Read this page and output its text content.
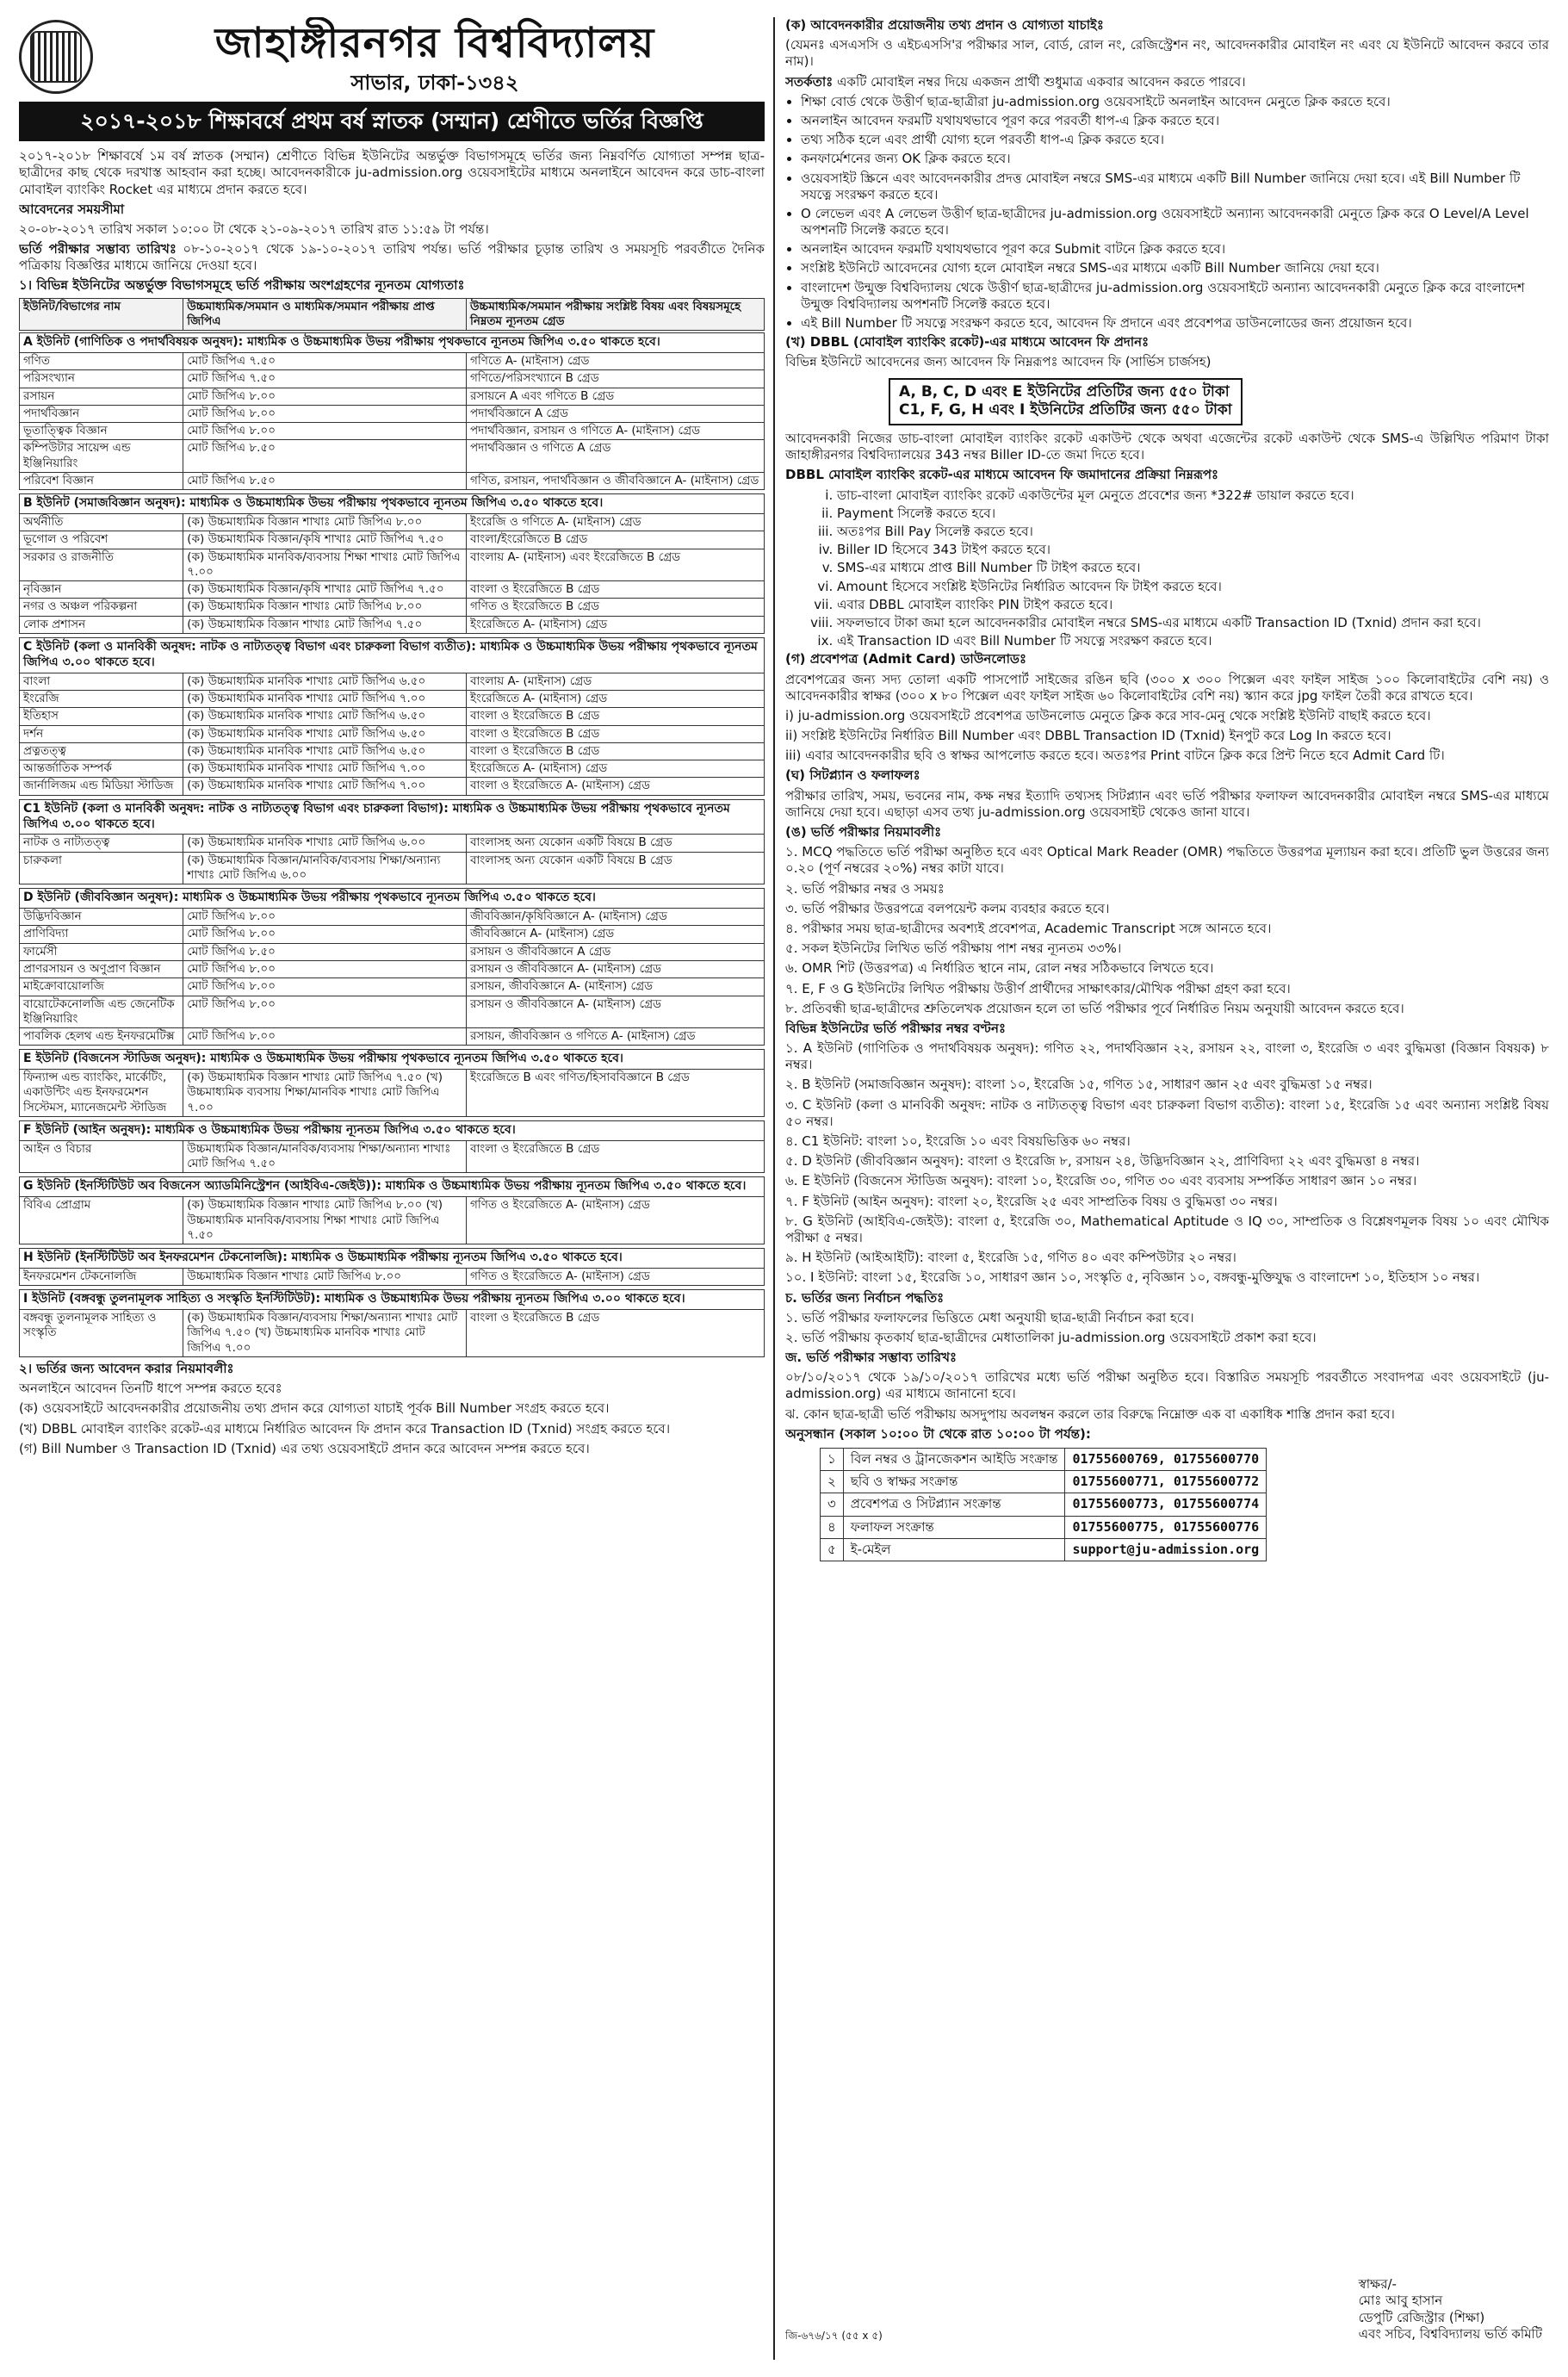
জাহাঙ্গীরনগর বিশ্ববিদ্যালয়
সাভার, ঢাকা-১৩৪২
২০১৭-২০১৮ শিক্ষাবর্ষে প্রথম বর্ষ স্নাতক (সম্মান) শ্রেণীতে ভর্তির বিজ্ঞপ্তি

২০১৭-২০১৮ শিক্ষাবর্ষে ১ম বর্ষ স্নাতক (সম্মান) শ্রেণীতে বিভিন্ন ইউনিটের অন্তর্ভুক্ত বিভাগসমূহে ভর্তির জন্য নিম্নবর্ণিত যোগ্যতা সম্পন্ন ছাত্র-ছাত্রীদের কাছ থেকে দরখাস্ত আহবান করা হচ্ছে। আবেদনকারীকে ju-admission.org ওয়েবসাইটের মাধ্যমে অনলাইনে আবেদন করে ডাচ-বাংলা মোবাইল ব্যাংকিং Rocket এর মাধ্যমে প্রদান করতে হবে।

আবেদনের সময়সীমা

২০-০৮-২০১৭ তারিখ সকাল ১০:০০ টা থেকে ২১-০৯-২০১৭ তারিখ রাত ১১:৫৯ টা পর্যন্ত।

ভর্তি পরীক্ষার সম্ভাব্য তারিখঃ ০৮-১০-২০১৭ থেকে ১৯-১০-২০১৭ তারিখ পর্যন্ত। ভর্তি পরীক্ষার চূড়ান্ত তারিখ ও সময়সূচি পরবর্তীতে দৈনিক পত্রিকায় বিজ্ঞপ্তির মাধ্যমে জানিয়ে দেওয়া হবে।

১। বিভিন্ন ইউনিটের অন্তর্ভুক্ত বিভাগসমূহে ভর্তি পরীক্ষায় অংশগ্রহণের ন্যূনতম যোগ্যতাঃ

ইউনিট/বিভাগের নাম	উচ্চমাধ্যমিক/সমমান ও মাধ্যমিক/সমমান পরীক্ষায় প্রাপ্ত জিপিএ	উচ্চমাধ্যমিক/সমমান পরীক্ষায় সংশ্লিষ্ট বিষয় এবং বিষয়সমূহে নিম্নতম ন্যূনতম গ্রেড
A ইউনিট (গাণিতিক ও পদার্থবিষয়ক অনুষদ): মাধ্যমিক ও উচ্চমাধ্যমিক উভয় পরীক্ষায় পৃথকভাবে ন্যূনতম জিপিএ ৩.৫০ থাকতে হবে।
গণিত	মোট জিপিএ ৭.৫০	গণিতে A- (মাইনাস) গ্রেড
পরিসংখ্যান	মোট জিপিএ ৭.৫০	গণিতে/পরিসংখ্যানে B গ্রেড
রসায়ন	মোট জিপিএ ৮.০০	রসায়নে A এবং গণিতে B গ্রেড
পদার্থবিজ্ঞান	মোট জিপিএ ৮.০০	পদার্থবিজ্ঞানে A গ্রেড
ভূতাত্ত্বিক বিজ্ঞান	মোট জিপিএ ৮.০০	পদার্থবিজ্ঞান, রসায়ন ও গণিতে A- (মাইনাস) গ্রেড
কম্পিউটার সায়েন্স এন্ড ইঞ্জিনিয়ারিং	মোট জিপিএ ৮.৫০	পদার্থবিজ্ঞান ও গণিতে A গ্রেড
পরিবেশ বিজ্ঞান	মোট জিপিএ ৮.৫০	গণিত, রসায়ন, পদার্থবিজ্ঞান ও জীববিজ্ঞানে A- (মাইনাস) গ্রেড
B ইউনিট (সমাজবিজ্ঞান অনুষদ): মাধ্যমিক ও উচ্চমাধ্যমিক উভয় পরীক্ষায় পৃথকভাবে ন্যূনতম জিপিএ ৩.৫০ থাকতে হবে।
অর্থনীতি	(ক) উচ্চমাধ্যমিক বিজ্ঞান শাখাঃ মোট জিপিএ ৮.০০	ইংরেজি ও গণিতে A- (মাইনাস) গ্রেড
ভূগোল ও পরিবেশ	(ক) উচ্চমাধ্যমিক বিজ্ঞান/কৃষি শাখাঃ মোট জিপিএ ৭.৫০	বাংলা/ইংরেজিতে B গ্রেড
সরকার ও রাজনীতি	(ক) উচ্চমাধ্যমিক মানবিক/ব্যবসায় শিক্ষা শাখাঃ মোট জিপিএ ৭.০০	বাংলায় A- (মাইনাস) এবং ইংরেজিতে B গ্রেড
নৃবিজ্ঞান	(ক) উচ্চমাধ্যমিক বিজ্ঞান/কৃষি শাখাঃ মোট জিপিএ ৭.৫০	বাংলা ও ইংরেজিতে B গ্রেড
নগর ও অঞ্চল পরিকল্পনা	(ক) উচ্চমাধ্যমিক বিজ্ঞান শাখাঃ মোট জিপিএ ৮.০০	গণিত ও ইংরেজিতে B গ্রেড
লোক প্রশাসন	(ক) উচ্চমাধ্যমিক বিজ্ঞান শাখাঃ মোট জিপিএ ৭.৫০	ইংরেজিতে A- (মাইনাস) গ্রেড
C ইউনিট (কলা ও মানবিকী অনুষদ: নাটক ও নাট্যতত্ত্ব বিভাগ এবং চারুকলা বিভাগ ব্যতীত): মাধ্যমিক ও উচ্চমাধ্যমিক উভয় পরীক্ষায় পৃথকভাবে ন্যূনতম জিপিএ ৩.০০ থাকতে হবে।
বাংলা	(ক) উচ্চমাধ্যমিক মানবিক শাখাঃ মোট জিপিএ ৬.৫০	বাংলায় A- (মাইনাস) গ্রেড
ইংরেজি	(ক) উচ্চমাধ্যমিক মানবিক শাখাঃ মোট জিপিএ ৭.০০	ইংরেজিতে A- (মাইনাস) গ্রেড
ইতিহাস	(ক) উচ্চমাধ্যমিক মানবিক শাখাঃ মোট জিপিএ ৬.৫০	বাংলা ও ইংরেজিতে B গ্রেড
দর্শন	(ক) উচ্চমাধ্যমিক মানবিক শাখাঃ মোট জিপিএ ৬.৫০	বাংলা ও ইংরেজিতে B গ্রেড
প্রত্নতত্ত্ব	(ক) উচ্চমাধ্যমিক মানবিক শাখাঃ মোট জিপিএ ৬.৫০	বাংলা ও ইংরেজিতে B গ্রেড
আন্তর্জাতিক সম্পর্ক	(ক) উচ্চমাধ্যমিক মানবিক শাখাঃ মোট জিপিএ ৭.০০	ইংরেজিতে A- (মাইনাস) গ্রেড
জার্নালিজম এন্ড মিডিয়া স্টাডিজ	(ক) উচ্চমাধ্যমিক মানবিক শাখাঃ মোট জিপিএ ৭.০০	বাংলা ও ইংরেজিতে A- (মাইনাস) গ্রেড
C1 ইউনিট (কলা ও মানবিকী অনুষদ: নাটক ও নাট্যতত্ত্ব বিভাগ এবং চারুকলা বিভাগ): মাধ্যমিক ও উচ্চমাধ্যমিক উভয় পরীক্ষায় পৃথকভাবে ন্যূনতম জিপিএ ৩.০০ থাকতে হবে।
নাটক ও নাট্যতত্ত্ব	(ক) উচ্চমাধ্যমিক মানবিক শাখাঃ মোট জিপিএ ৬.০০	বাংলাসহ অন্য যেকোন একটি বিষয়ে B গ্রেড
চারুকলা	(ক) উচ্চমাধ্যমিক বিজ্ঞান/মানবিক/ব্যবসায় শিক্ষা/অন্যান্য শাখাঃ মোট জিপিএ ৬.০০	বাংলাসহ অন্য যেকোন একটি বিষয়ে B গ্রেড
D ইউনিট (জীববিজ্ঞান অনুষদ): মাধ্যমিক ও উচ্চমাধ্যমিক উভয় পরীক্ষায় পৃথকভাবে ন্যূনতম জিপিএ ৩.৫০ থাকতে হবে।
উদ্ভিদবিজ্ঞান	মোট জিপিএ ৮.০০	জীববিজ্ঞান/কৃষিবিজ্ঞানে A- (মাইনাস) গ্রেড
প্রাণিবিদ্যা	মোট জিপিএ ৮.০০	জীববিজ্ঞানে A- (মাইনাস) গ্রেড
ফার্মেসী	মোট জিপিএ ৮.৫০	রসায়ন ও জীববিজ্ঞানে A গ্রেড
প্রাণরসায়ন ও অণুপ্রাণ বিজ্ঞান	মোট জিপিএ ৮.০০	রসায়ন ও জীববিজ্ঞানে A- (মাইনাস) গ্রেড
মাইক্রোবায়োলজি	মোট জিপিএ ৮.০০	রসায়ন, জীববিজ্ঞানে A- (মাইনাস) গ্রেড
বায়োটেকনোলজি এন্ড জেনেটিক ইঞ্জিনিয়ারিং	মোট জিপিএ ৮.০০	রসায়ন ও জীববিজ্ঞানে A- (মাইনাস) গ্রেড
পাবলিক হেলথ এন্ড ইনফরমেটিক্স	মোট জিপিএ ৮.০০	রসায়ন, জীববিজ্ঞান ও গণিতে A- (মাইনাস) গ্রেড
E ইউনিট (বিজনেস স্টাডিজ অনুষদ): মাধ্যমিক ও উচ্চমাধ্যমিক উভয় পরীক্ষায় পৃথকভাবে ন্যূনতম জিপিএ ৩.৫০ থাকতে হবে।
ফিন্যান্স এন্ড ব্যাংকিং, মার্কেটিং, একাউন্টিং এন্ড ইনফরমেশন সিস্টেমস, ম্যানেজমেন্ট স্টাডিজ	(ক) উচ্চমাধ্যমিক বিজ্ঞান শাখাঃ মোট জিপিএ ৭.৫০ (খ) উচ্চমাধ্যমিক ব্যবসায় শিক্ষা/মানবিক শাখাঃ মোট জিপিএ ৭.০০	ইংরেজিতে B এবং গণিত/হিসাববিজ্ঞানে B গ্রেড
F ইউনিট (আইন অনুষদ): মাধ্যমিক ও উচ্চমাধ্যমিক উভয় পরীক্ষায় ন্যূনতম জিপিএ ৩.৫০ থাকতে হবে।
আইন ও বিচার	উচ্চমাধ্যমিক বিজ্ঞান/মানবিক/ব্যবসায় শিক্ষা/অন্যান্য শাখাঃ মোট জিপিএ ৭.৫০	বাংলা ও ইংরেজিতে B গ্রেড
G ইউনিট (ইনস্টিটিউট অব বিজনেস অ্যাডমিনিস্ট্রেশন (আইবিএ-জেইউ)): মাধ্যমিক ও উচ্চমাধ্যমিক উভয় পরীক্ষায় ন্যূনতম জিপিএ ৩.৫০ থাকতে হবে।
বিবিএ প্রোগ্রাম	(ক) উচ্চমাধ্যমিক বিজ্ঞান শাখাঃ মোট জিপিএ ৮.০০ (খ) উচ্চমাধ্যমিক মানবিক/ব্যবসায় শিক্ষা শাখাঃ মোট জিপিএ ৭.৫০	গণিত ও ইংরেজিতে A- (মাইনাস) গ্রেড
H ইউনিট (ইনস্টিটিউট অব ইনফরমেশন টেকনোলজি): মাধ্যমিক ও উচ্চমাধ্যমিক পরীক্ষায় ন্যূনতম জিপিএ ৩.৫০ থাকতে হবে।
ইনফরমেশন টেকনোলজি	উচ্চমাধ্যমিক বিজ্ঞান শাখাঃ মোট জিপিএ ৮.০০	গণিত ও ইংরেজিতে A- (মাইনাস) গ্রেড
I ইউনিট (বঙ্গবন্ধু তুলনামূলক সাহিত্য ও সংস্কৃতি ইনস্টিটিউট): মাধ্যমিক ও উচ্চমাধ্যমিক উভয় পরীক্ষায় ন্যূনতম জিপিএ ৩.০০ থাকতে হবে।
বঙ্গবন্ধু তুলনামূলক সাহিত্য ও সংস্কৃতি	(ক) উচ্চমাধ্যমিক বিজ্ঞান/ব্যবসায় শিক্ষা/অন্যান্য শাখাঃ মোট জিপিএ ৭.৫০ (খ) উচ্চমাধ্যমিক মানবিক শাখাঃ মোট জিপিএ ৭.০০	বাংলা ও ইংরেজিতে B গ্রেড

২। ভর্তির জন্য আবেদন করার নিয়মাবলীঃ

অনলাইনে আবেদন তিনটি ধাপে সম্পন্ন করতে হবেঃ

(ক) ওয়েবসাইটে আবেদনকারীর প্রয়োজনীয় তথ্য প্রদান করে যোগ্যতা যাচাই পূর্বক Bill Number সংগ্রহ করতে হবে।

(খ) DBBL মোবাইল ব্যাংকিং রকেট-এর মাধ্যমে নির্ধারিত আবেদন ফি প্রদান করে Transaction ID (Txnid) সংগ্রহ করতে হবে।

(গ) Bill Number ও Transaction ID (Txnid) এর তথ্য ওয়েবসাইটে প্রদান করে আবেদন সম্পন্ন করতে হবে।

(ক) আবেদনকারীর প্রয়োজনীয় তথ্য প্রদান ও যোগ্যতা যাচাইঃ

(যেমনঃ এসএসসি ও এইচএসসি'র পরীক্ষার সাল, বোর্ড, রোল নং, রেজিস্ট্রেশন নং, আবেদনকারীর মোবাইল নং এবং যে ইউনিটে আবেদন করবে তার নাম)।

সতর্কতাঃ একটি মোবাইল নম্বর দিয়ে একজন প্রার্থী শুধুমাত্র একবার আবেদন করতে পারবে।

• শিক্ষা বোর্ড থেকে উত্তীর্ণ ছাত্র-ছাত্রীরা ju-admission.org ওয়েবসাইটে অনলাইন আবেদন মেনুতে ক্লিক করতে হবে।
• অনলাইন আবেদন ফরমটি যথাযথভাবে পূরণ করে পরবর্তী ধাপ-এ ক্লিক করতে হবে।
• তথ্য সঠিক হলে এবং প্রার্থী যোগ্য হলে পরবর্তী ধাপ-এ ক্লিক করতে হবে।
• কনফার্মেশনের জন্য OK ক্লিক করতে হবে।
• ওয়েবসাইট স্ক্রিনে এবং আবেদনকারীর প্রদত্ত মোবাইল নম্বরে SMS-এর মাধ্যমে একটি Bill Number জানিয়ে দেয়া হবে। এই Bill Number টি সযত্নে সংরক্ষণ করতে হবে।
• O লেভেল এবং A লেভেল উত্তীর্ণ ছাত্র-ছাত্রীদের ju-admission.org ওয়েবসাইটে অন্যান্য আবেদনকারী মেনুতে ক্লিক করে O Level/A Level অপশনটি সিলেক্ট করতে হবে।
• অনলাইন আবেদন ফরমটি যথাযথভাবে পূরণ করে Submit বাটনে ক্লিক করতে হবে।
• সংশ্লিষ্ট ইউনিটে আবেদনের যোগ্য হলে মোবাইল নম্বরে SMS-এর মাধ্যমে একটি Bill Number জানিয়ে দেয়া হবে।
• বাংলাদেশ উন্মুক্ত বিশ্ববিদ্যালয় থেকে উত্তীর্ণ ছাত্র-ছাত্রীদের ju-admission.org ওয়েবসাইটে অন্যান্য আবেদনকারী মেনুতে ক্লিক করে বাংলাদেশ উন্মুক্ত বিশ্ববিদ্যালয় অপশনটি সিলেক্ট করতে হবে।
• এই Bill Number টি সযত্নে সংরক্ষণ করতে হবে, আবেদন ফি প্রদানে এবং প্রবেশপত্র ডাউনলোডের জন্য প্রয়োজন হবে।

(খ) DBBL (মোবাইল ব্যাংকিং রকেট)-এর মাধ্যমে আবেদন ফি প্রদানঃ

বিভিন্ন ইউনিটে আবেদনের জন্য আবেদন ফি নিম্নরূপঃ আবেদন ফি (সার্ভিস চার্জসহ)

A, B, C, D এবং E ইউনিটের প্রতিটির জন্য ৫৫০ টাকা
C1, F, G, H এবং I ইউনিটের প্রতিটির জন্য ৫৫০ টাকা

আবেদনকারী নিজের ডাচ-বাংলা মোবাইল ব্যাংকিং রকেট একাউন্ট থেকে অথবা এজেন্টের রকেট একাউন্ট থেকে SMS-এ উল্লিখিত পরিমাণ টাকা জাহাঙ্গীরনগর বিশ্ববিদ্যালয়ের 343 নম্বর Biller ID-তে জমা দিতে হবে।

DBBL মোবাইল ব্যাংকিং রকেট-এর মাধ্যমে আবেদন ফি জমাদানের প্রক্রিয়া নিম্নরূপঃ

i. ডাচ-বাংলা মোবাইল ব্যাংকিং রকেট একাউন্টের মূল মেনুতে প্রবেশের জন্য *322# ডায়াল করতে হবে।
ii. Payment সিলেক্ট করতে হবে।
iii. অতঃপর Bill Pay সিলেক্ট করতে হবে।
iv. Biller ID হিসেবে 343 টাইপ করতে হবে।
v. SMS-এর মাধ্যমে প্রাপ্ত Bill Number টি টাইপ করতে হবে।
vi. Amount হিসেবে সংশ্লিষ্ট ইউনিটের নির্ধারিত আবেদন ফি টাইপ করতে হবে।
vii. এবার DBBL মোবাইল ব্যাংকিং PIN টাইপ করতে হবে।
viii. সফলভাবে টাকা জমা হলে আবেদনকারীর মোবাইল নম্বরে SMS-এর মাধ্যমে একটি Transaction ID (Txnid) প্রদান করা হবে।
ix. এই Transaction ID এবং Bill Number টি সযত্নে সংরক্ষণ করতে হবে।

(গ) প্রবেশপত্র (Admit Card) ডাউনলোডঃ

প্রবেশপত্রের জন্য সদ্য তোলা একটি পাসপোর্ট সাইজের রঙিন ছবি (৩০০ x ৩০০ পিক্সেল এবং ফাইল সাইজ ১০০ কিলোবাইটের বেশি নয়) ও আবেদনকারীর স্বাক্ষর (৩০০ x ৮০ পিক্সেল এবং ফাইল সাইজ ৬০ কিলোবাইটের বেশি নয়) স্ক্যান করে jpg ফাইল তৈরী করে রাখতে হবে।

i) ju-admission.org ওয়েবসাইটে প্রবেশপত্র ডাউনলোড মেনুতে ক্লিক করে সাব-মেনু থেকে সংশ্লিষ্ট ইউনিট বাছাই করতে হবে।

ii) সংশ্লিষ্ট ইউনিটের নির্ধারিত Bill Number এবং DBBL Transaction ID (Txnid) ইনপুট করে Log In করতে হবে।

iii) এবার আবেদনকারীর ছবি ও স্বাক্ষর আপলোড করতে হবে। অতঃপর Print বাটনে ক্লিক করে প্রিন্ট নিতে হবে Admit Card টি।

(ঘ) সিটপ্ল্যান ও ফলাফলঃ

পরীক্ষার তারিখ, সময়, ভবনের নাম, কক্ষ নম্বর ইত্যাদি তথ্যসহ সিটপ্ল্যান এবং ভর্তি পরীক্ষার ফলাফল আবেদনকারীর মোবাইল নম্বরে SMS-এর মাধ্যমে জানিয়ে দেয়া হবে। এছাড়া এসব তথ্য ju-admission.org ওয়েবসাইট থেকেও জানা যাবে।

(ঙ) ভর্তি পরীক্ষার নিয়মাবলীঃ

১. MCQ পদ্ধতিতে ভর্তি পরীক্ষা অনুষ্ঠিত হবে এবং Optical Mark Reader (OMR) পদ্ধতিতে উত্তরপত্র মূল্যায়ন করা হবে। প্রতিটি ভুল উত্তরের জন্য ০.২০ (পূর্ণ নম্বরের ২০%) নম্বর কাটা যাবে।

২. ভর্তি পরীক্ষার নম্বর ও সময়ঃ

৩. ভর্তি পরীক্ষার উত্তরপত্রে বলপয়েন্ট কলম ব্যবহার করতে হবে।

৪. পরীক্ষার সময় ছাত্র-ছাত্রীদের অবশ্যই প্রবেশপত্র, Academic Transcript সঙ্গে আনতে হবে।

৫. সকল ইউনিটের লিখিত ভর্তি পরীক্ষায় পাশ নম্বর ন্যূনতম ৩৩%।

৬. OMR শিট (উত্তরপত্র) এ নির্ধারিত স্থানে নাম, রোল নম্বর সঠিকভাবে লিখতে হবে।

৭. E, F ও G ইউনিটের লিখিত পরীক্ষায় উত্তীর্ণ প্রার্থীদের সাক্ষাৎকার/মৌখিক পরীক্ষা গ্রহণ করা হবে।

৮. প্রতিবন্ধী ছাত্র-ছাত্রীদের শ্রুতিলেখক প্রয়োজন হলে তা ভর্তি পরীক্ষার পূর্বে নির্ধারিত নিয়ম অনুযায়ী আবেদন করতে হবে।

বিভিন্ন ইউনিটের ভর্তি পরীক্ষার নম্বর বণ্টনঃ

১. A ইউনিট (গাণিতিক ও পদার্থবিষয়ক অনুষদ): গণিত ২২, পদার্থবিজ্ঞান ২২, রসায়ন ২২, বাংলা ৩, ইংরেজি ৩ এবং বুদ্ধিমত্তা (বিজ্ঞান বিষয়ক) ৮ নম্বর।

২. B ইউনিট (সমাজবিজ্ঞান অনুষদ): বাংলা ১০, ইংরেজি ১৫, গণিত ১৫, সাধারণ জ্ঞান ২৫ এবং বুদ্ধিমত্তা ১৫ নম্বর।

৩. C ইউনিট (কলা ও মানবিকী অনুষদ: নাটক ও নাট্যতত্ত্ব বিভাগ এবং চারুকলা বিভাগ ব্যতীত): বাংলা ১৫, ইংরেজি ১৫ এবং অন্যান্য সংশ্লিষ্ট বিষয় ৫০ নম্বর।

৪. C1 ইউনিট: বাংলা ১০, ইংরেজি ১০ এবং বিষয়ভিত্তিক ৬০ নম্বর।

৫. D ইউনিট (জীববিজ্ঞান অনুষদ): বাংলা ও ইংরেজি ৮, রসায়ন ২৪, উদ্ভিদবিজ্ঞান ২২, প্রাণিবিদ্যা ২২ এবং বুদ্ধিমত্তা ৪ নম্বর।

৬. E ইউনিট (বিজনেস স্টাডিজ অনুষদ): বাংলা ১০, ইংরেজি ৩০, গণিত ৩০ এবং ব্যবসায় সম্পর্কিত সাধারণ জ্ঞান ১০ নম্বর।

৭. F ইউনিট (আইন অনুষদ): বাংলা ২০, ইংরেজি ২৫ এবং সাম্প্রতিক বিষয় ও বুদ্ধিমত্তা ৩০ নম্বর।

৮. G ইউনিট (আইবিএ-জেইউ): বাংলা ৫, ইংরেজি ৩০, Mathematical Aptitude ও IQ ৩০, সাম্প্রতিক ও বিশ্লেষণমূলক বিষয় ১০ এবং মৌখিক পরীক্ষা ৫ নম্বর।

৯. H ইউনিট (আইআইটি): বাংলা ৫, ইংরেজি ১৫, গণিত ৪০ এবং কম্পিউটার ২০ নম্বর।

১০. I ইউনিট: বাংলা ১৫, ইংরেজি ১০, সাধারণ জ্ঞান ১০, সংস্কৃতি ৫, নৃবিজ্ঞান ১০, বঙ্গবন্ধু-মুক্তিযুদ্ধ ও বাংলাদেশ ১০, ইতিহাস ১০ নম্বর।

চ. ভর্তির জন্য নির্বাচন পদ্ধতিঃ

১. ভর্তি পরীক্ষার ফলাফলের ভিত্তিতে মেধা অনুযায়ী ছাত্র-ছাত্রী নির্বাচন করা হবে।

২. ভর্তি পরীক্ষায় কৃতকার্য ছাত্র-ছাত্রীদের মেধাতালিকা ju-admission.org ওয়েবসাইটে প্রকাশ করা হবে।

জ. ভর্তি পরীক্ষার সম্ভাব্য তারিখঃ

০৮/১০/২০১৭ থেকে ১৯/১০/২০১৭ তারিখের মধ্যে ভর্তি পরীক্ষা অনুষ্ঠিত হবে। বিস্তারিত সময়সূচি পরবর্তীতে সংবাদপত্র এবং ওয়েবসাইটে (ju-admission.org) এর মাধ্যমে জানানো হবে।

ঝ. কোন ছাত্র-ছাত্রী ভর্তি পরীক্ষায় অসদুপায় অবলম্বন করলে তার বিরুদ্ধে নিম্নোক্ত এক বা একাধিক শাস্তি প্রদান করা হবে।

অনুসন্ধান (সকাল ১০:০০ টা থেকে রাত ১০:০০ টা পর্যন্ত):

১	বিল নম্বর ও ট্রানজেকশন আইডি সংক্রান্ত	01755600769, 01755600770
২	ছবি ও স্বাক্ষর সংক্রান্ত	01755600771, 01755600772
৩	প্রবেশপত্র ও সিটপ্ল্যান সংক্রান্ত	01755600773, 01755600774
৪	ফলাফল সংক্রান্ত	01755600775, 01755600776
৫	ই-মেইল	support@ju-admission.org
জি-৬৭৬/১৭ (৫৫ x ৫)
স্বাক্ষর/-
মোঃ আবু হাসান
ডেপুটি রেজিস্ট্রার (শিক্ষা)
এবং সচিব, বিশ্ববিদ্যালয় ভর্তি কমিটি
